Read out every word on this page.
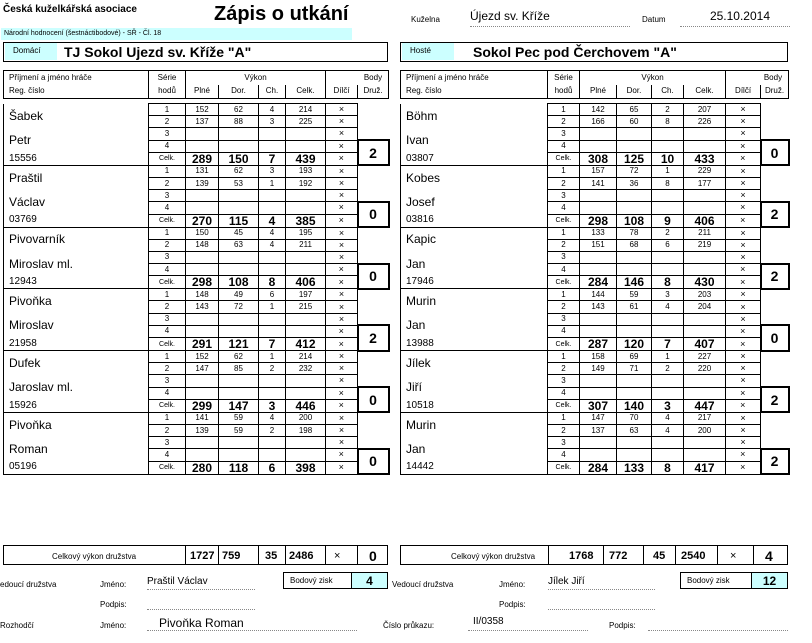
Česká kuželkářská asociace	Zápis o utkání
Národní hodnocení (šestnáctibodové) - SŘ - Čl. 18
Kuželna	Újezd sv. Kříže	Datum	25.10.2014
Domácí	TJ Sokol Ujezd sv. Kříže "A"	Hosté	Sokol Pec pod Čerchovem "A"
Příjmení a jméno hráče	Série	Výkon				Body	
Reg. číslo	hodů	Plné	Dor.	Ch.	Celk.	Dílčí	Druž.

Šabek	1	152	62	4	214	×	
	2	137	88	3	225	×	
Petr	3					×	
	4					×	2
15556	Celk.	289	150	7	439	×	
Praštil	1	131	62	3	193	×	
	2	139	53	1	192	×	
Václav	3					×	
	4					×	0
03769	Celk.	270	115	4	385	×	
Pivovarník	1	150	45	4	195	×	
	2	148	63	4	211	×	
Miroslav ml.	3					×	
	4					×	0
12943	Celk.	298	108	8	406	×	
Pivoňka	1	148	49	6	197	×	
	2	143	72	1	215	×	
Miroslav	3					×	
	4					×	2
21958	Celk.	291	121	7	412	×	
Dufek	1	152	62	1	214	×	
	2	147	85	2	232	×	
Jaroslav ml.	3					×	
	4					×	0
15926	Celk.	299	147	3	446	×	
Pivoňka	1	141	59	4	200	×	
	2	139	59	2	198	×	
Roman	3					×	
	4					×	0
05196	Celk.	280	118	6	398	×	
Příjmení a jméno hráče	Série	Výkon				Body	
Reg. číslo	hodů	Plné	Dor.	Ch.	Celk.	Dílčí	Druž.

Böhm	1	142	65	2	207	×	
	2	166	60	8	226	×	
Ivan	3					×	
	4					×	0
03807	Celk.	308	125	10	433	×	
Kobes	1	157	72	1	229	×	
	2	141	36	8	177	×	
Josef	3					×	
	4					×	2
03816	Celk.	298	108	9	406	×	
Kapic	1	133	78	2	211	×	
	2	151	68	6	219	×	
Jan	3					×	
	4					×	2
17946	Celk.	284	146	8	430	×	
Murin	1	144	59	3	203	×	
	2	143	61	4	204	×	
Jan	3					×	
	4					×	0
13988	Celk.	287	120	7	407	×	
Jílek	1	158	69	1	227	×	
	2	149	71	2	220	×	
Jiří	3					×	
	4					×	2
10518	Celk.	307	140	3	447	×	
Murin	1	147	70	4	217	×	
	2	137	63	4	200	×	
Jan	3					×	
	4					×	2
14442	Celk.	284	133	8	417	×	
Celkový výkon družstva	1727 759 35 2486 × 0	Celkový výkon družstva	1768 772 45 2540 × 4
edoucí družstva	Jméno: Praštil Václav	Bodový zisk	4
Podpis:
Vedoucí družstva	Jméno: Jílek Jiří	Bodový zisk	12
Podpis:
Rozhodčí	Jméno:	Pivoňka Roman	Číslo průkazu:	II/0358	Podpis:
